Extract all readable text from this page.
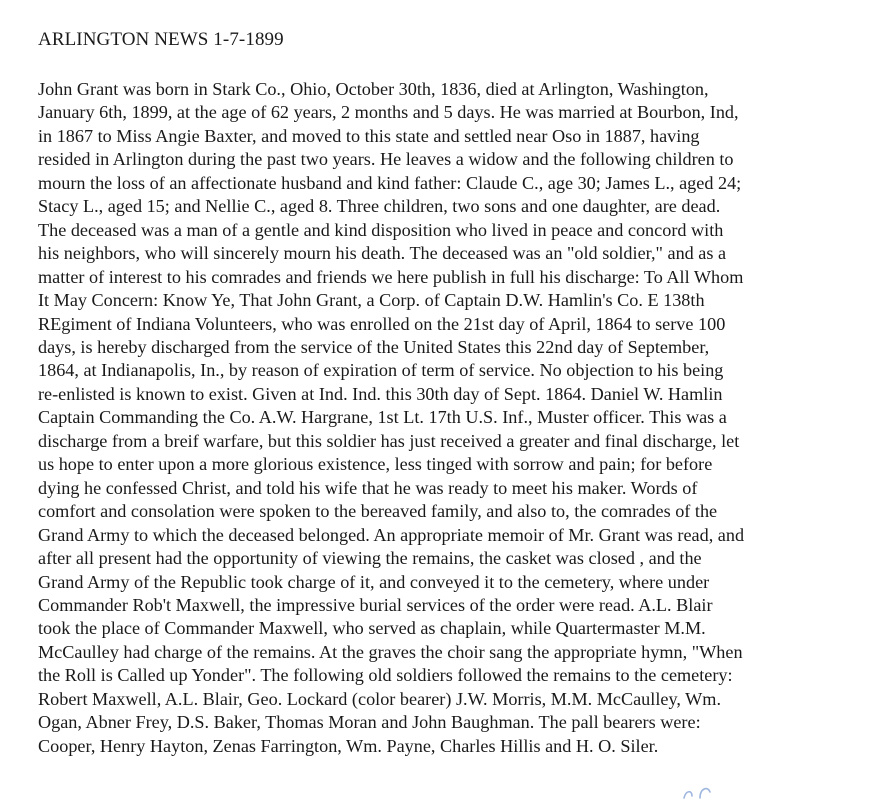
ARLINGTON NEWS 1-7-1899
John Grant was born in Stark Co., Ohio, October 30th, 1836, died at Arlington, Washington,
January 6th, 1899, at the age of 62 years, 2 months and 5 days. He was married at Bourbon, Ind,
in 1867 to Miss Angie Baxter, and moved to this state and settled near Oso in 1887, having
resided in Arlington during the past two years. He leaves a widow and the following children to
mourn the loss of an affectionate husband and kind father: Claude C., age 30; James L., aged 24;
Stacy L., aged 15; and Nellie C., aged 8. Three children, two sons and one daughter, are dead.
The deceased was a man of a gentle and kind disposition who lived in peace and concord with
his neighbors, who will sincerely mourn his death. The deceased was an "old soldier," and as a
matter of interest to his comrades and friends we here publish in full his discharge: To All Whom
It May Concern: Know Ye, That John Grant, a Corp. of Captain D.W. Hamlin's Co. E 138th
REgiment of Indiana Volunteers, who was enrolled on the 21st day of April, 1864 to serve 100
days, is hereby discharged from the service of the United States this 22nd day of September,
1864, at Indianapolis, In., by reason of expiration of term of service. No objection to his being
re-enlisted is known to exist. Given at Ind. Ind. this 30th day of Sept. 1864. Daniel W. Hamlin
Captain Commanding the Co. A.W. Hargrane, 1st Lt. 17th U.S. Inf., Muster officer. This was a
discharge from a breif warfare, but this soldier has just received a greater and final discharge, let
us hope to enter upon a more glorious existence, less tinged with sorrow and pain; for before
dying he confessed Christ, and told his wife that he was ready to meet his maker. Words of
comfort and consolation were spoken to the bereaved family, and also to, the comrades of the
Grand Army to which the deceased belonged. An appropriate memoir of Mr. Grant was read, and
after all present had the opportunity of viewing the remains, the casket was closed , and the
Grand Army of the Republic took charge of it, and conveyed it to the cemetery, where under
Commander Rob't Maxwell, the impressive burial services of the order were read. A.L. Blair
took the place of Commander Maxwell, who served as chaplain, while Quartermaster M.M.
McCaulley had charge of the remains. At the graves the choir sang the appropriate hymn, "When
the Roll is Called up Yonder". The following old soldiers followed the remains to the cemetery:
Robert Maxwell, A.L. Blair, Geo. Lockard (color bearer) J.W. Morris, M.M. McCaulley, Wm.
Ogan, Abner Frey, D.S. Baker, Thomas Moran and John Baughman. The pall bearers were:
Cooper, Henry Hayton, Zenas Farrington, Wm. Payne, Charles Hillis and H. O. Siler.
